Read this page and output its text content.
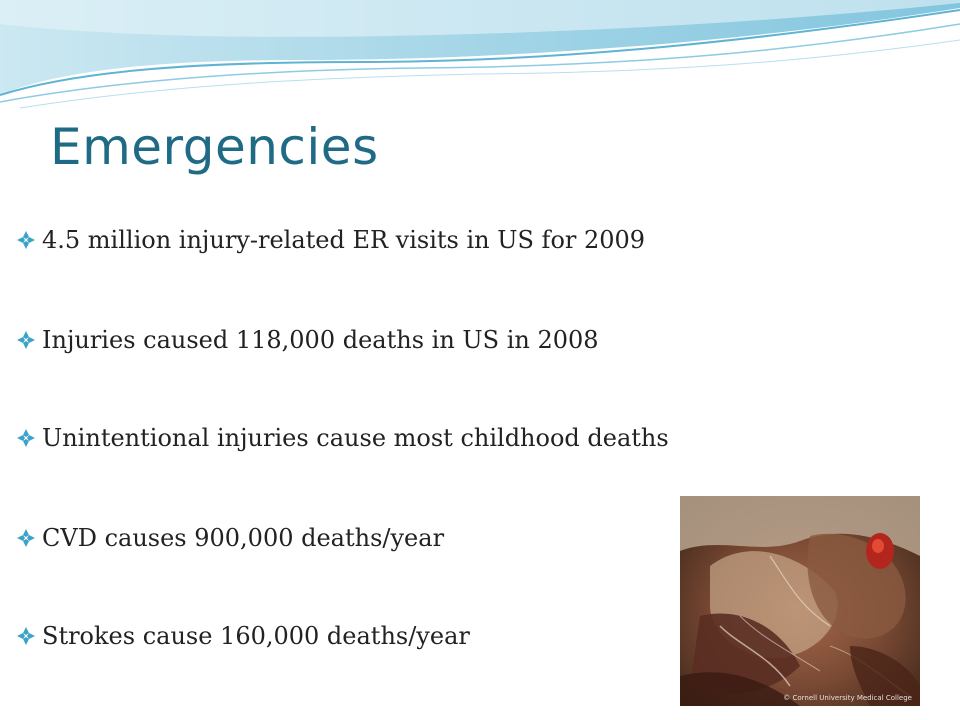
Emergencies
4.5 million injury-related ER visits in US for 2009
Injuries caused 118,000 deaths in US in 2008
Unintentional injuries cause most childhood deaths
CVD causes 900,000 deaths/year
Strokes cause 160,000 deaths/year
© Cornell University Medical College
